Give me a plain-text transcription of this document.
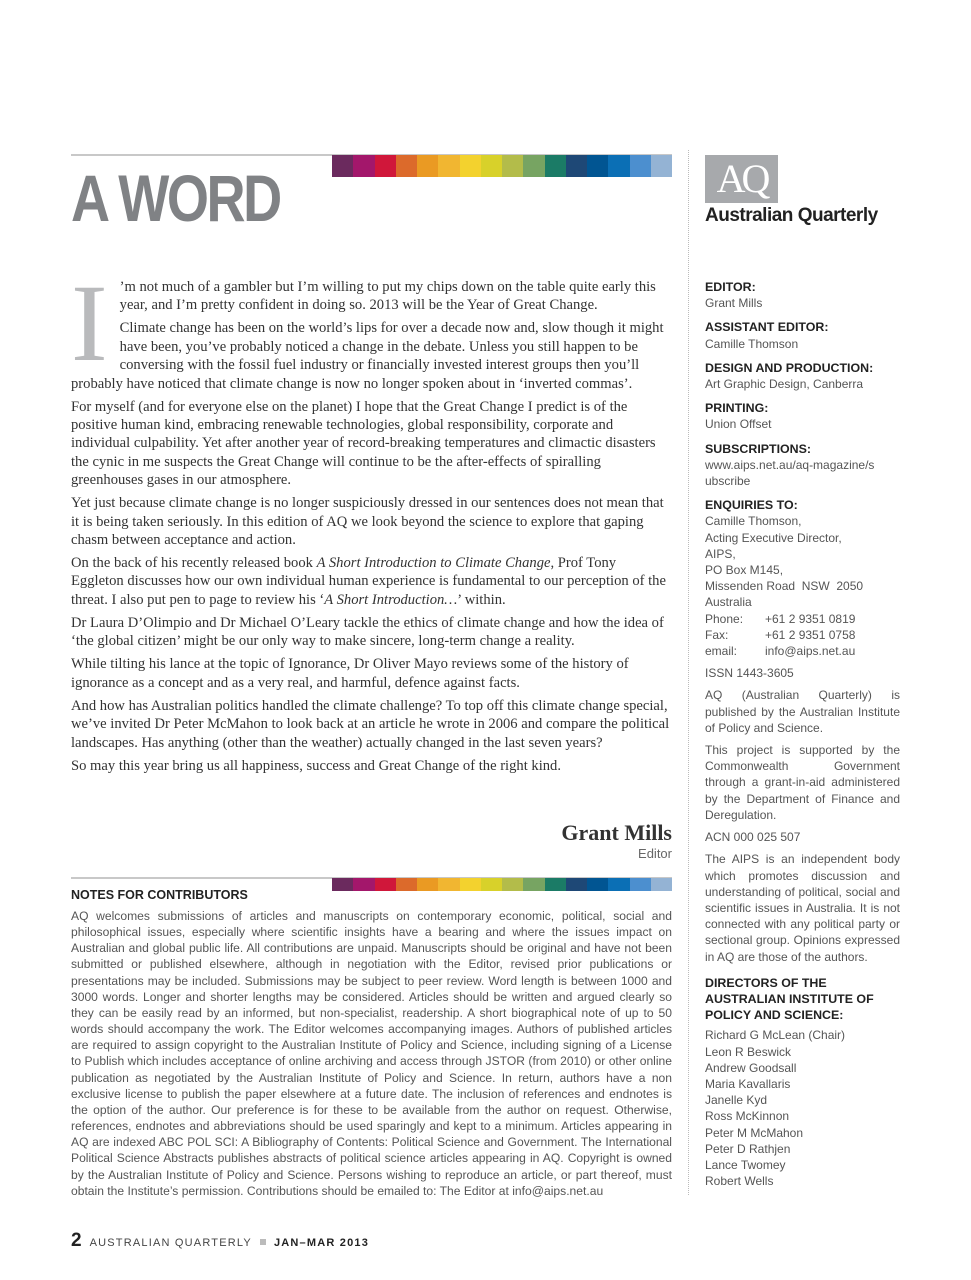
A WORD	AQ
Australian Quarterly
I ’m not much of a gambler but I’m willing to put my chips down on the table quite early this year, and I’m pretty confident in doing so. 2013 will be the Year of Great Change.

Climate change has been on the world’s lips for over a decade now and, slow though it might have been, you’ve probably noticed a change in the debate. Unless you still happen to be conversing with the fossil fuel industry or financially invested interest groups then you’ll probably have noticed that climate change is now no longer spoken about in ‘inverted commas’.

For myself (and for everyone else on the planet) I hope that the Great Change I predict is of the positive human kind, embracing renewable technologies, global responsibility, corporate and individual culpability. Yet after another year of record-breaking temperatures and climactic disasters the cynic in me suspects the Great Change will continue to be the after-effects of spiralling greenhouses gases in our atmosphere.

Yet just because climate change is no longer suspiciously dressed in our sentences does not mean that it is being taken seriously. In this edition of AQ we look beyond the science to explore that gaping chasm between acceptance and action.

On the back of his recently released book A Short Introduction to Climate Change, Prof Tony Eggleton discusses how our own individual human experience is fundamental to our perception of the threat. I also put pen to page to review his ‘A Short Introduction…’ within.

Dr Laura D’Olimpio and Dr Michael O’Leary tackle the ethics of climate change and how the idea of ‘the global citizen’ might be our only way to make sincere, long-term change a reality.

While tilting his lance at the topic of Ignorance, Dr Oliver Mayo reviews some of the history of ignorance as a concept and as a very real, and harmful, defence against facts.

And how has Australian politics handled the climate challenge? To top off this climate change special, we’ve invited Dr Peter McMahon to look back at an article he wrote in 2006 and compare the political landscapes. Has anything (other than the weather) actually changed in the last seven years?

So may this year bring us all happiness, success and Great Change of the right kind.

Grant Mills
Editor
NOTES FOR CONTRIBUTORS
AQ welcomes submissions of articles and manuscripts on contemporary economic, political, social and philosophical issues, especially where scientific insights have a bearing and where the issues impact on Australian and global public life. All contributions are unpaid. Manuscripts should be original and have not been submitted or published elsewhere, although in negotiation with the Editor, revised prior publications or presentations may be included. Submissions may be subject to peer review. Word length is between 1000 and 3000 words. Longer and shorter lengths may be considered. Articles should be written and argued clearly so they can be easily read by an informed, but non-specialist, readership. A short biographical note of up to 50 words should accompany the work. The Editor welcomes accompanying images. Authors of published articles are required to assign copyright to the Australian Institute of Policy and Science, including signing of a License to Publish which includes acceptance of online archiving and access through JSTOR (from 2010) or other online publication as negotiated by the Australian Institute of Policy and Science. In return, authors have a non exclusive license to publish the paper elsewhere at a future date. The inclusion of references and endnotes is the option of the author. Our preference is for these to be available from the author on request. Otherwise, references, endnotes and abbreviations should be used sparingly and kept to a minimum. Articles appearing in AQ are indexed ABC POL SCI: A Bibliography of Contents: Political Science and Government. The International Political Science Abstracts publishes abstracts of political science articles appearing in AQ. Copyright is owned by the Australian Institute of Policy and Science. Persons wishing to reproduce an article, or part thereof, must obtain the Institute’s permission. Contributions should be emailed to: The Editor at info@aips.net.au
EDITOR:
Grant Mills
ASSISTANT EDITOR:
Camille Thomson
DESIGN AND PRODUCTION:
Art Graphic Design, Canberra
PRINTING:
Union Offset
SUBSCRIPTIONS:
www.aips.net.au/aq-magazine/subscribe
ENQUIRIES TO:
Camille Thomson,
Acting Executive Director,
AIPS,
PO Box M145,
Missenden Road  NSW  2050
Australia
Phone:	+61 2 9351 0819
Fax:	+61 2 9351 0758
email:	info@aips.net.au
ISSN 1443-3605
AQ (Australian Quarterly) is published by the Australian Institute of Policy and Science.
This project is supported by the Commonwealth Government through a grant-in-aid administered by the Department of Finance and Deregulation.
ACN 000 025 507
The AIPS is an independent body which promotes discussion and understanding of political, social and scientific issues in Australia. It is not connected with any political party or sectional group. Opinions expressed in AQ are those of the authors.
DIRECTORS OF THE AUSTRALIAN INSTITUTE OF POLICY AND SCIENCE:
Richard G McLean (Chair)
Leon R Beswick
Andrew Goodsall
Maria Kavallaris
Janelle Kyd
Ross McKinnon
Peter M McMahon
Peter D Rathjen
Lance Twomey
Robert Wells
2 AUSTRALIAN QUARTERLY JAN–MAR 2013
